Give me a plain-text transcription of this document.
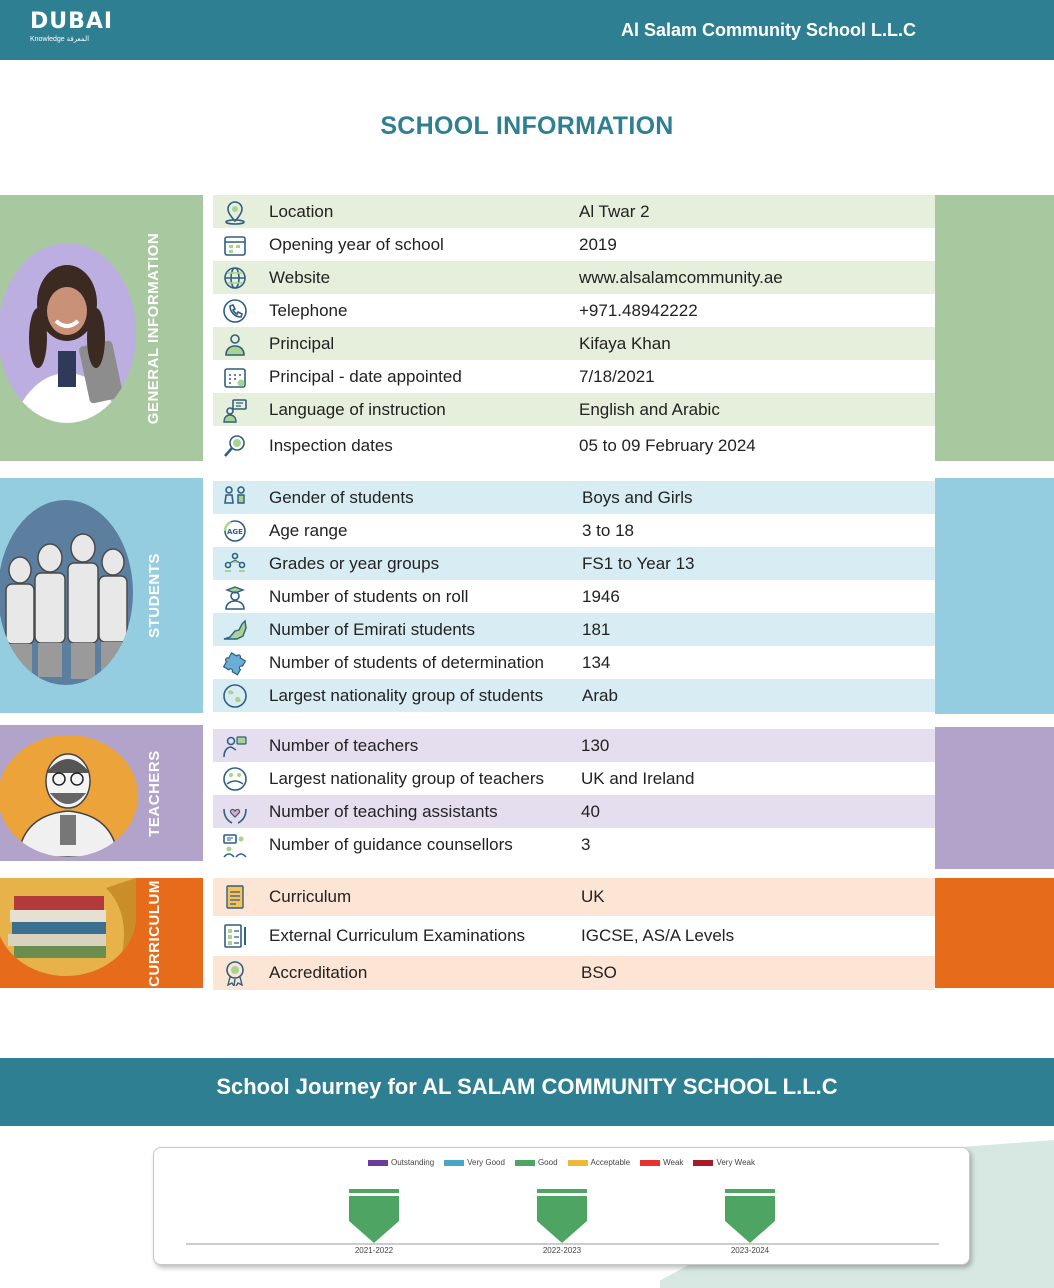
DUBAI
Knowledge المعرفة	Al Salam Community School L.L.C
SCHOOL INFORMATION
GENERAL INFORMATION
Location	Al Twar 2
Opening year of school	2019
Website	www.alsalamcommunity.ae
Telephone	+971.48942222
Principal	Kifaya Khan
Principal - date appointed	7/18/2021
Language of instruction	English and Arabic
Inspection dates	05 to 09 February 2024
STUDENTS
Gender of students	Boys and Girls
AGE Age range	3 to 18
Grades or year groups	FS1 to Year 13
Number of students on roll	1946
Number of Emirati students	181
Number of students of determination 134
Largest nationality group of students Arab
TEACHERS
Number of teachers	130
Largest nationality group of teachers UK and Ireland
Number of teaching assistants	40
Number of guidance counsellors	3
CURRICULUM	Curriculum	UK
External Curriculum Examinations	IGCSE, AS/A Levels
Accreditation	BSO
School Journey for AL SALAM COMMUNITY SCHOOL L.L.C
Outstanding	Very Good	Good	Acceptable	Weak	Very Weak
2021-2022	2022-2023	2023-2024
